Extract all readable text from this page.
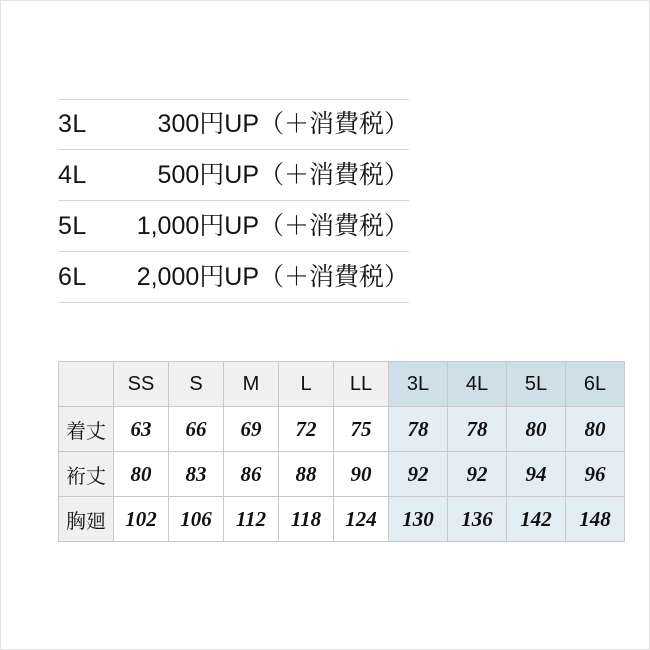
3L	300円UP（＋消費税）
4L	500円UP（＋消費税）
5L	1,000円UP（＋消費税）
6L	2,000円UP（＋消費税）
	SS	S	M	L	LL	3L	4L	5L	6L
着丈	63	66	69	72	75	78	78	80	80
裄丈	80	83	86	88	90	92	92	94	96
胸廻	102	106	112	118	124	130	136	142	148
